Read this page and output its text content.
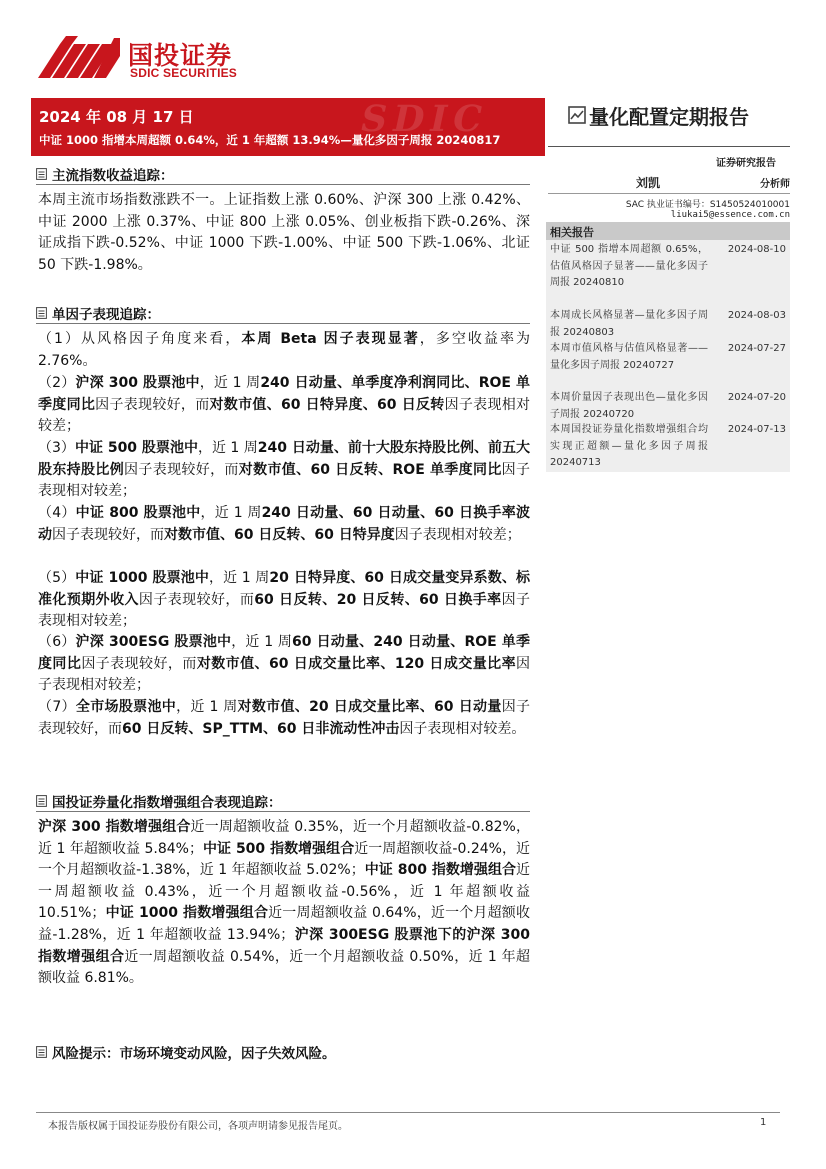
国投证券
SDIC SECURITIES
SDIC
2024 年 08 月 17 日
中证 1000 指增本周超额 0.64%，近 1 年超额 13.94%—量化多因子周报 20240817
量化配置定期报告
证券研究报告
刘凯	分析师
SAC 执业证书编号：S1450524010001
liukai5@essence.com.cn
相关报告
中证 500 指增本周超额 0.65%，估值风格因子显著——量化多因子周报 20240810
2024-08-10
本周成长风格显著—量化多因子周报 20240803
2024-08-03
本周市值风格与估值风格显著——量化多因子周报 20240727
2024-07-27
本周价量因子表现出色—量化多因子周报 20240720
2024-07-20
本周国投证券量化指数增强组合均实现正超额—量化多因子周报 20240713
2024-07-13
主流指数收益追踪：
本周主流市场指数涨跌不一。上证指数上涨 0.60%、沪深 300 上涨 0.42%、中证 2000 上涨 0.37%、中证 800 上涨 0.05%、创业板指下跌-0.26%、深证成指下跌-0.52%、中证 1000 下跌-1.00%、中证 500 下跌-1.06%、北证 50 下跌-1.98%。
单因子表现追踪：
（1）从风格因子角度来看，本周 Beta 因子表现显著，多空收益率为 2.76%。
（2）沪深 300 股票池中，近 1 周240 日动量、单季度净利润同比、ROE 单季度同比因子表现较好，而对数市值、60 日特异度、60 日反转因子表现相对较差；
（3）中证 500 股票池中，近 1 周240 日动量、前十大股东持股比例、前五大股东持股比例因子表现较好，而对数市值、60 日反转、ROE 单季度同比因子表现相对较差；
（4）中证 800 股票池中，近 1 周240 日动量、60 日动量、60 日换手率波动因子表现较好，而对数市值、60 日反转、60 日特异度因子表现相对较差；
（5）中证 1000 股票池中，近 1 周20 日特异度、60 日成交量变异系数、标准化预期外收入因子表现较好，而60 日反转、20 日反转、60 日换手率因子表现相对较差；
（6）沪深 300ESG 股票池中，近 1 周60 日动量、240 日动量、ROE 单季度同比因子表现较好，而对数市值、60 日成交量比率、120 日成交量比率因子表现相对较差；
（7）全市场股票池中，近 1 周对数市值、20 日成交量比率、60 日动量因子表现较好，而60 日反转、SP_TTM、60 日非流动性冲击因子表现相对较差。
国投证券量化指数增强组合表现追踪：
沪深 300 指数增强组合近一周超额收益 0.35%，近一个月超额收益-0.82%，近 1 年超额收益 5.84%；中证 500 指数增强组合近一周超额收益-0.24%，近一个月超额收益-1.38%，近 1 年超额收益 5.02%；中证 800 指数增强组合近一周超额收益 0.43%，近一个月超额收益-0.56%，近 1 年超额收益 10.51%；中证 1000 指数增强组合近一周超额收益 0.64%，近一个月超额收益-1.28%，近 1 年超额收益 13.94%；沪深 300ESG 股票池下的沪深 300 指数增强组合近一周超额收益 0.54%，近一个月超额收益 0.50%，近 1 年超额收益 6.81%。
风险提示：市场环境变动风险，因子失效风险。
本报告版权属于国投证券股份有限公司，各项声明请参见报告尾页。	1
